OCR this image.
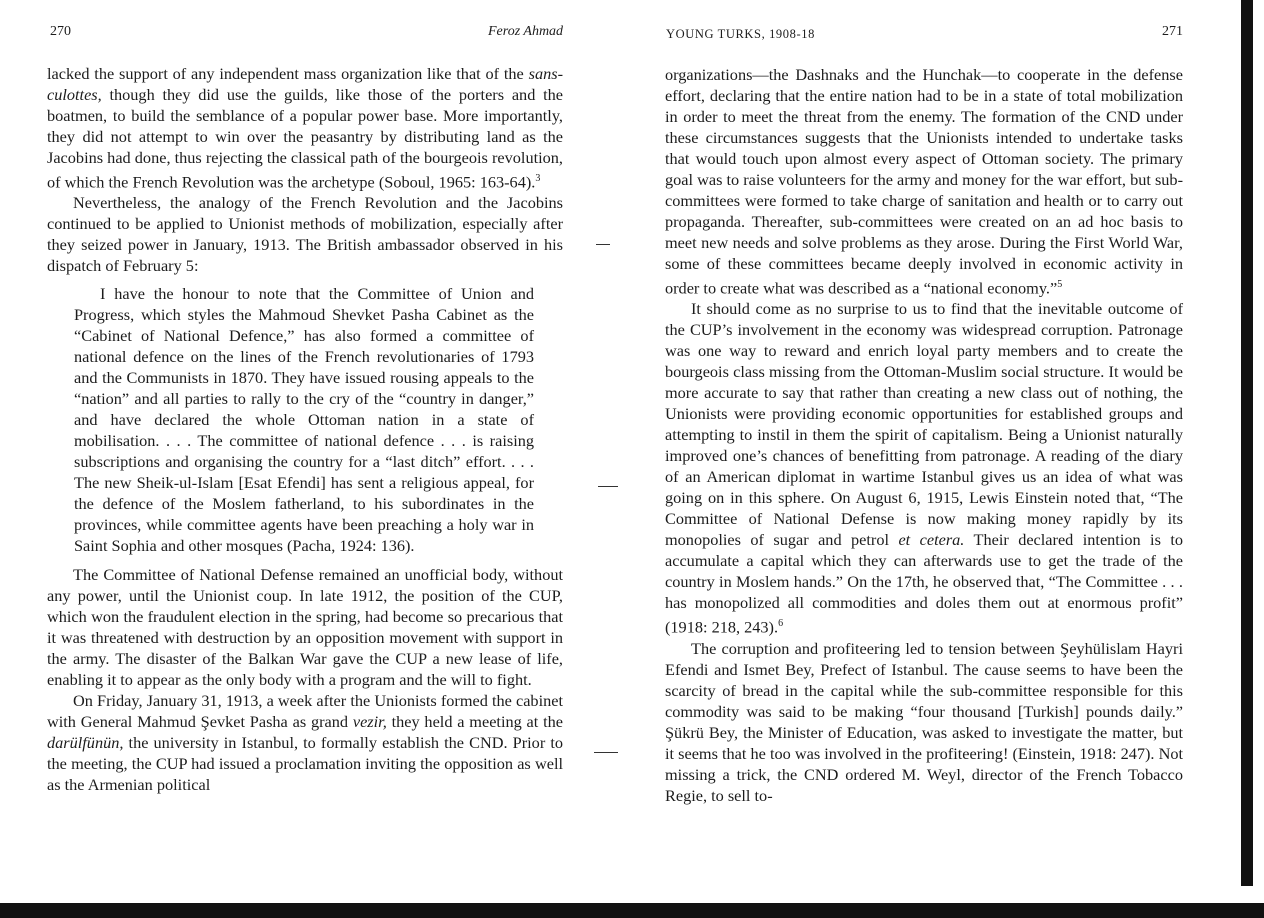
270	Feroz Ahmad

lacked the support of any independent mass organization like that of the sans-culottes, though they did use the guilds, like those of the porters and the boatmen, to build the semblance of a popular power base. More importantly, they did not attempt to win over the peasantry by distributing land as the Jacobins had done, thus rejecting the classical path of the bourgeois revolution, of which the French Revolution was the archetype (Soboul, 1965: 163-64).$^3$

Nevertheless, the analogy of the French Revolution and the Jacobins continued to be applied to Unionist methods of mobilization, especially after they seized power in January, 1913. The British ambassador observed in his dispatch of February 5:

I have the honour to note that the Committee of Union and Progress, which styles the Mahmoud Shevket Pasha Cabinet as the “Cabinet of National Defence,” has also formed a committee of national defence on the lines of the French revolutionaries of 1793 and the Communists in 1870. They have issued rousing appeals to the “nation” and all parties to rally to the cry of the “country in danger,” and have declared the whole Ottoman nation in a state of mobilisation. . . . The committee of national defence . . . is raising subscriptions and organising the country for a “last ditch” effort. . . . The new Sheik-ul-Islam [Esat Efendi] has sent a religious appeal, for the defence of the Moslem fatherland, to his subordinates in the provinces, while committee agents have been preaching a holy war in Saint Sophia and other mosques (Pacha, 1924: 136).

The Committee of National Defense remained an unofficial body, without any power, until the Unionist coup. In late 1912, the position of the CUP, which won the fraudulent election in the spring, had become so precarious that it was threatened with destruction by an opposition movement with support in the army. The disaster of the Balkan War gave the CUP a new lease of life, enabling it to appear as the only body with a program and the will to fight.

On Friday, January 31, 1913, a week after the Unionists formed the cabinet with General Mahmud Şevket Pasha as grand vezir, they held a meeting at the darülfünün, the university in Istanbul, to formally establish the CND. Prior to the meeting, the CUP had issued a proclamation inviting the opposition as well as the Armenian political

YOUNG TURKS, 1908-18	271

organizations—the Dashnaks and the Hunchak—to cooperate in the defense effort, declaring that the entire nation had to be in a state of total mobilization in order to meet the threat from the enemy. The formation of the CND under these circumstances suggests that the Unionists intended to undertake tasks that would touch upon almost every aspect of Ottoman society. The primary goal was to raise volunteers for the army and money for the war effort, but sub-committees were formed to take charge of sanitation and health or to carry out propaganda. Thereafter, sub-committees were created on an ad hoc basis to meet new needs and solve problems as they arose. During the First World War, some of these committees became deeply involved in economic activity in order to create what was described as a “national economy.”$^5$

It should come as no surprise to us to find that the inevitable outcome of the CUP’s involvement in the economy was widespread corruption. Patronage was one way to reward and enrich loyal party members and to create the bourgeois class missing from the Ottoman-Muslim social structure. It would be more accurate to say that rather than creating a new class out of nothing, the Unionists were providing economic opportunities for established groups and attempting to instil in them the spirit of capitalism. Being a Unionist naturally improved one’s chances of benefitting from patronage. A reading of the diary of an American diplomat in wartime Istanbul gives us an idea of what was going on in this sphere. On August 6, 1915, Lewis Einstein noted that, “The Committee of National Defense is now making money rapidly by its monopolies of sugar and petrol et cetera. Their declared intention is to accumulate a capital which they can afterwards use to get the trade of the country in Moslem hands.” On the 17th, he observed that, “The Committee . . . has monopolized all commodities and doles them out at enormous profit” (1918: 218, 243).$^6$

The corruption and profiteering led to tension between Şeyhülislam Hayri Efendi and Ismet Bey, Prefect of Istanbul. The cause seems to have been the scarcity of bread in the capital while the sub-committee responsible for this commodity was said to be making “four thousand [Turkish] pounds daily.” Şükrü Bey, the Minister of Education, was asked to investigate the matter, but it seems that he too was involved in the profiteering! (Einstein, 1918: 247). Not missing a trick, the CND ordered M. Weyl, director of the French Tobacco Regie, to sell to-
